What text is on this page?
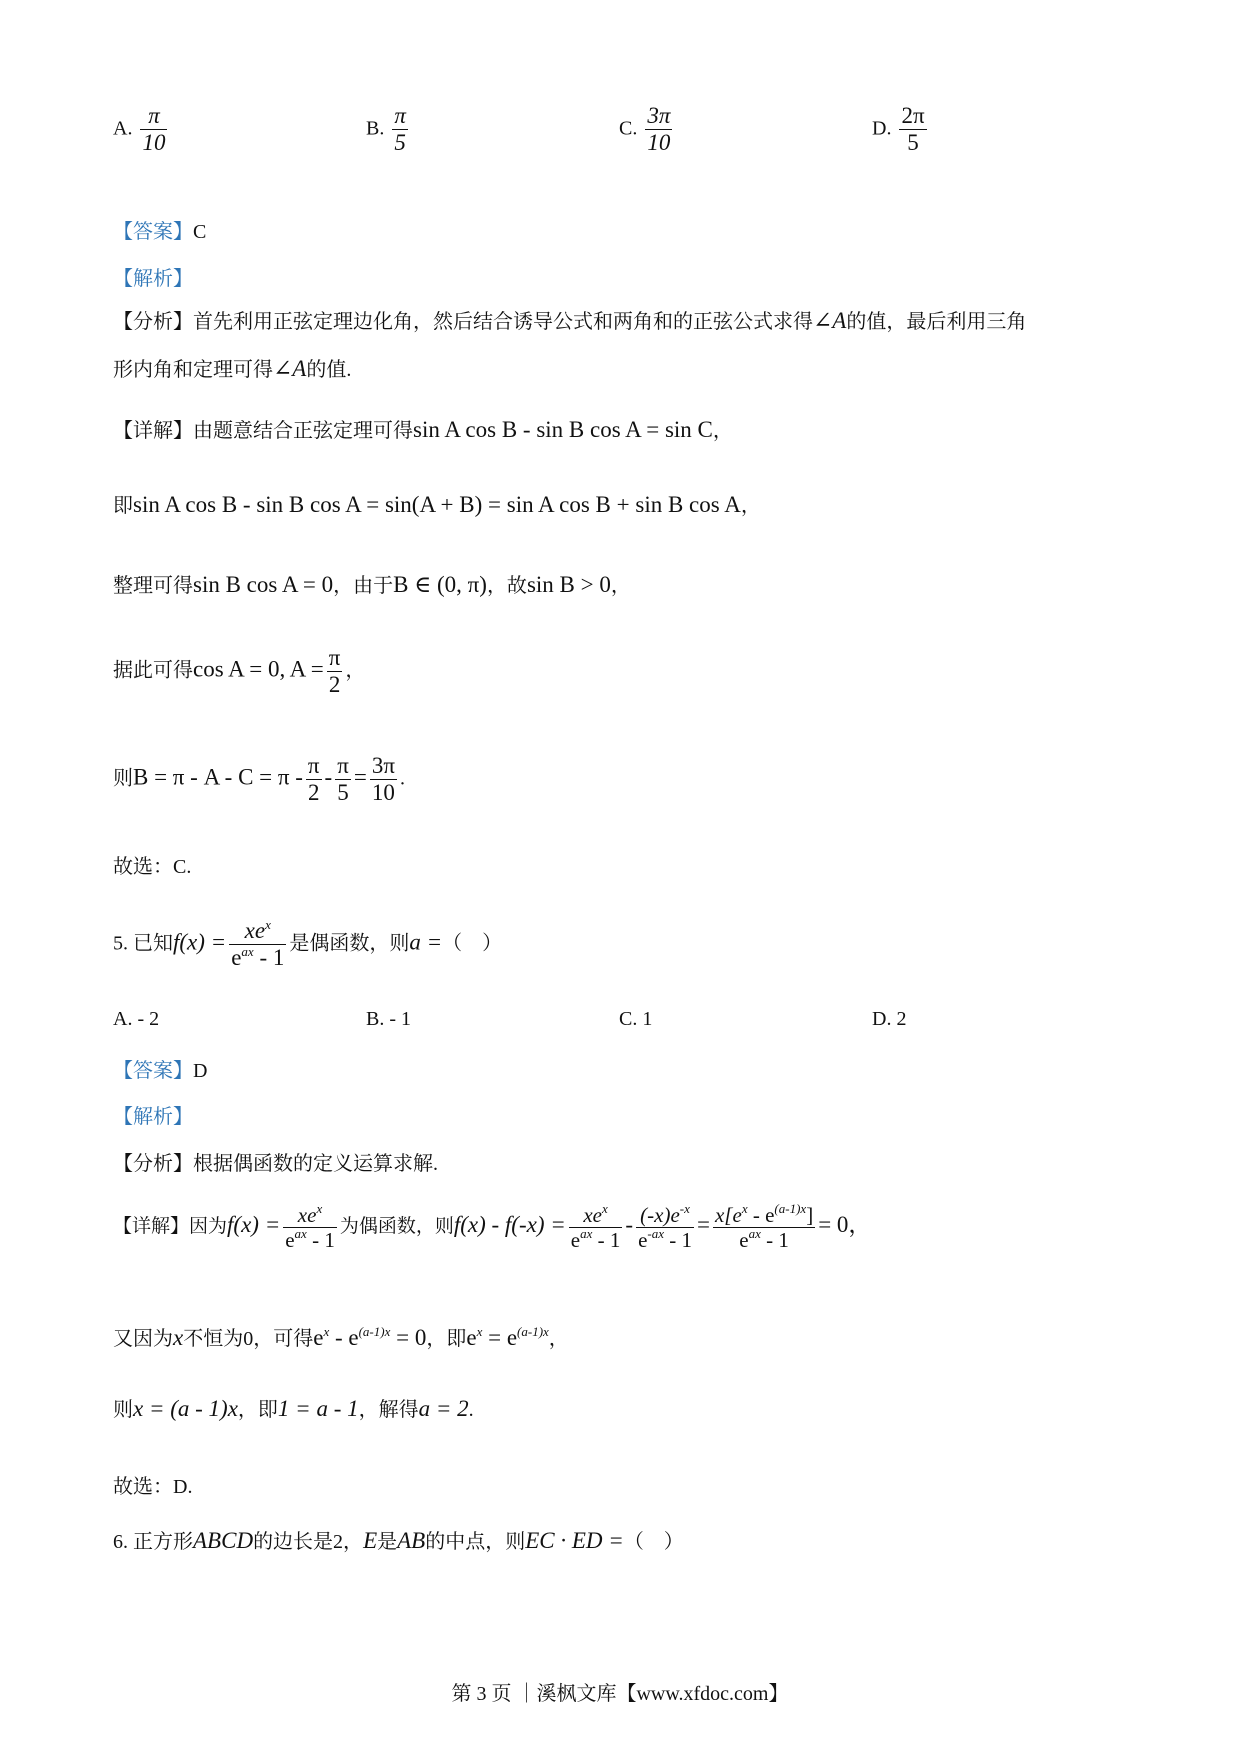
A. $\frac{\pi}{10}$	B. $\frac{\pi}{5}$	C. $\frac{3\pi}{10}$	D. $\frac{2\pi}{5}$
【答案】C
【解析】
【分析】首先利用正弦定理边化角，然后结合诱导公式和两角和的正弦公式求得∠A的值，最后利用三角
形内角和定理可得∠A的值.
【详解】由题意结合正弦定理可得sin A cos B - sin B cos A = sin C，
即sin A cos B - sin B cos A = sin(A + B) = sin A cos B + sin B cos A，
整理可得sin B cos A = 0，由于B ∈ (0, π)，故sin B > 0，
据此可得cos A = 0, $A = \frac{\pi}{2}$ ，
则$B = \pi - A - C = \pi - \frac{\pi}{2} - \frac{\pi}{5} = \frac{3\pi}{10}$ .
故选：C.
5. 已知$f(x) = \frac{xe^x}{e^{ax} - 1}$ 是偶函数，则a =（　）
A. - 2	B. - 1	C. 1	D. 2
【答案】D
【解析】
【分析】根据偶函数的定义运算求解.
【详解】因为$f(x) = \frac{xe^x}{e^{ax} - 1}$ 为偶函数，则$f(x) - f(-x) = \frac{xe^x}{e^{ax} - 1} - \frac{(-x)e^{-x}}{e^{-ax} - 1} = \frac{x[e^x - e^{(a-1)x}]}{e^{ax} - 1} = 0$，
又因为x不恒为0，可得$e^x - e^{(a-1)x} = 0$，即$e^x = e^{(a-1)x}$，
则x = (a - 1)x，即1 = a - 1，解得a = 2.
故选：D.
6. 正方形ABCD的边长是2，E是AB的中点，则EC · ED =（　）
第 3 页 ｜溪枫文库【www.xfdoc.com】
